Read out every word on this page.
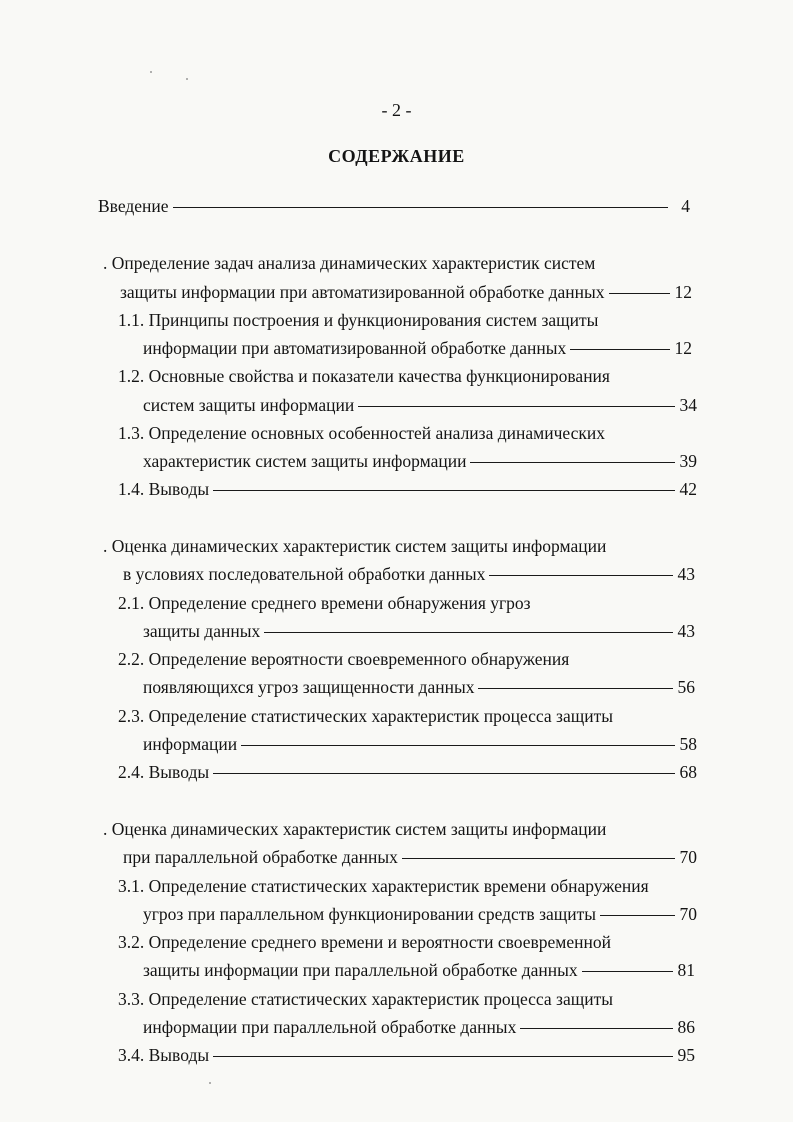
- 2 -
СОДЕРЖАНИЕ
Введение	4
. Определение задач анализа динамических характеристик систем
защиты информации при автоматизированной обработке данных	12
1.1. Принципы построения и функционирования систем защиты
информации при автоматизированной обработке данных	12
1.2. Основные свойства и показатели качества функционирования
систем защиты информации	34
1.3. Определение основных особенностей анализа динамических
характеристик систем защиты информации	39
1.4. Выводы	42
. Оценка динамических характеристик систем защиты информации
в условиях последовательной обработки данных	43
2.1. Определение среднего времени обнаружения угроз
защиты данных	43
2.2. Определение вероятности своевременного обнаружения
появляющихся угроз защищенности данных	56
2.3. Определение статистических характеристик процесса защиты
информации	58
2.4. Выводы	68
. Оценка динамических характеристик систем защиты информации
при параллельной обработке данных	70
3.1. Определение статистических характеристик времени обнаружения
угроз при параллельном функционировании средств защиты	70
3.2. Определение среднего времени и вероятности своевременной
защиты информации при параллельной обработке данных	81
3.3. Определение статистических характеристик процесса защиты
информации при параллельной обработке данных	86
3.4. Выводы	95
